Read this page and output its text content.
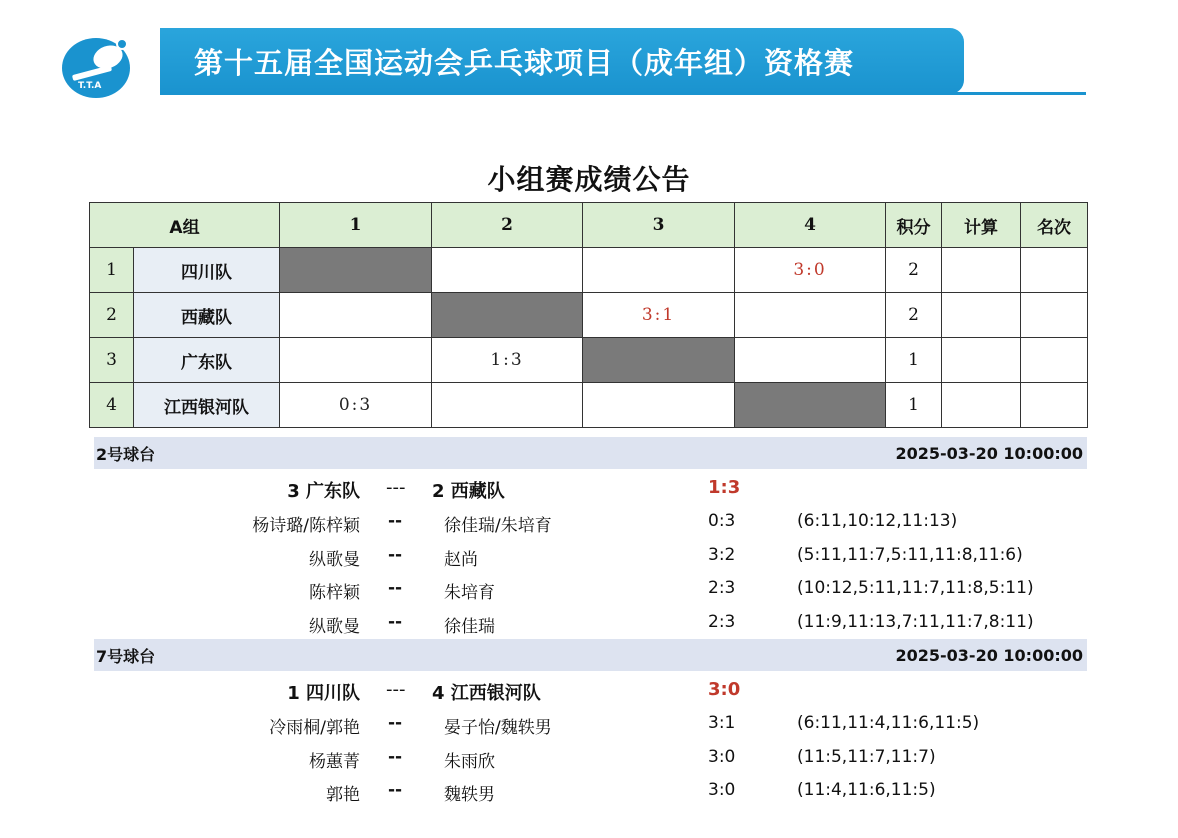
T.T.A
第十五届全国运动会乒乓球项目（成年组）资格赛
小组赛成绩公告
A组	1	2	3	4	积分	计算	名次

1 四川队				3:0	2		

2 西藏队			3:1		2		

3 广东队		1:3			1		

4 江西银河队	0:3				1		
2号球台	2025-03-20 10:00:00
3 广东队 --- 2 西藏队	1:3
杨诗璐/陈梓颖 -- 徐佳瑞/朱培育	0:3	(6:11,10:12,11:13)
纵歌曼 -- 赵尚	3:2	(5:11,11:7,5:11,11:8,11:6)
陈梓颖 -- 朱培育	2:3	(10:12,5:11,11:7,11:8,5:11)
纵歌曼 -- 徐佳瑞	2:3	(11:9,11:13,7:11,11:7,8:11)
7号球台	2025-03-20 10:00:00
1 四川队 --- 4 江西银河队	3:0
冷雨桐/郭艳 -- 晏子怡/魏轶男	3:1	(6:11,11:4,11:6,11:5)
杨蕙菁 -- 朱雨欣	3:0	(11:5,11:7,11:7)
郭艳 -- 魏轶男	3:0	(11:4,11:6,11:5)
